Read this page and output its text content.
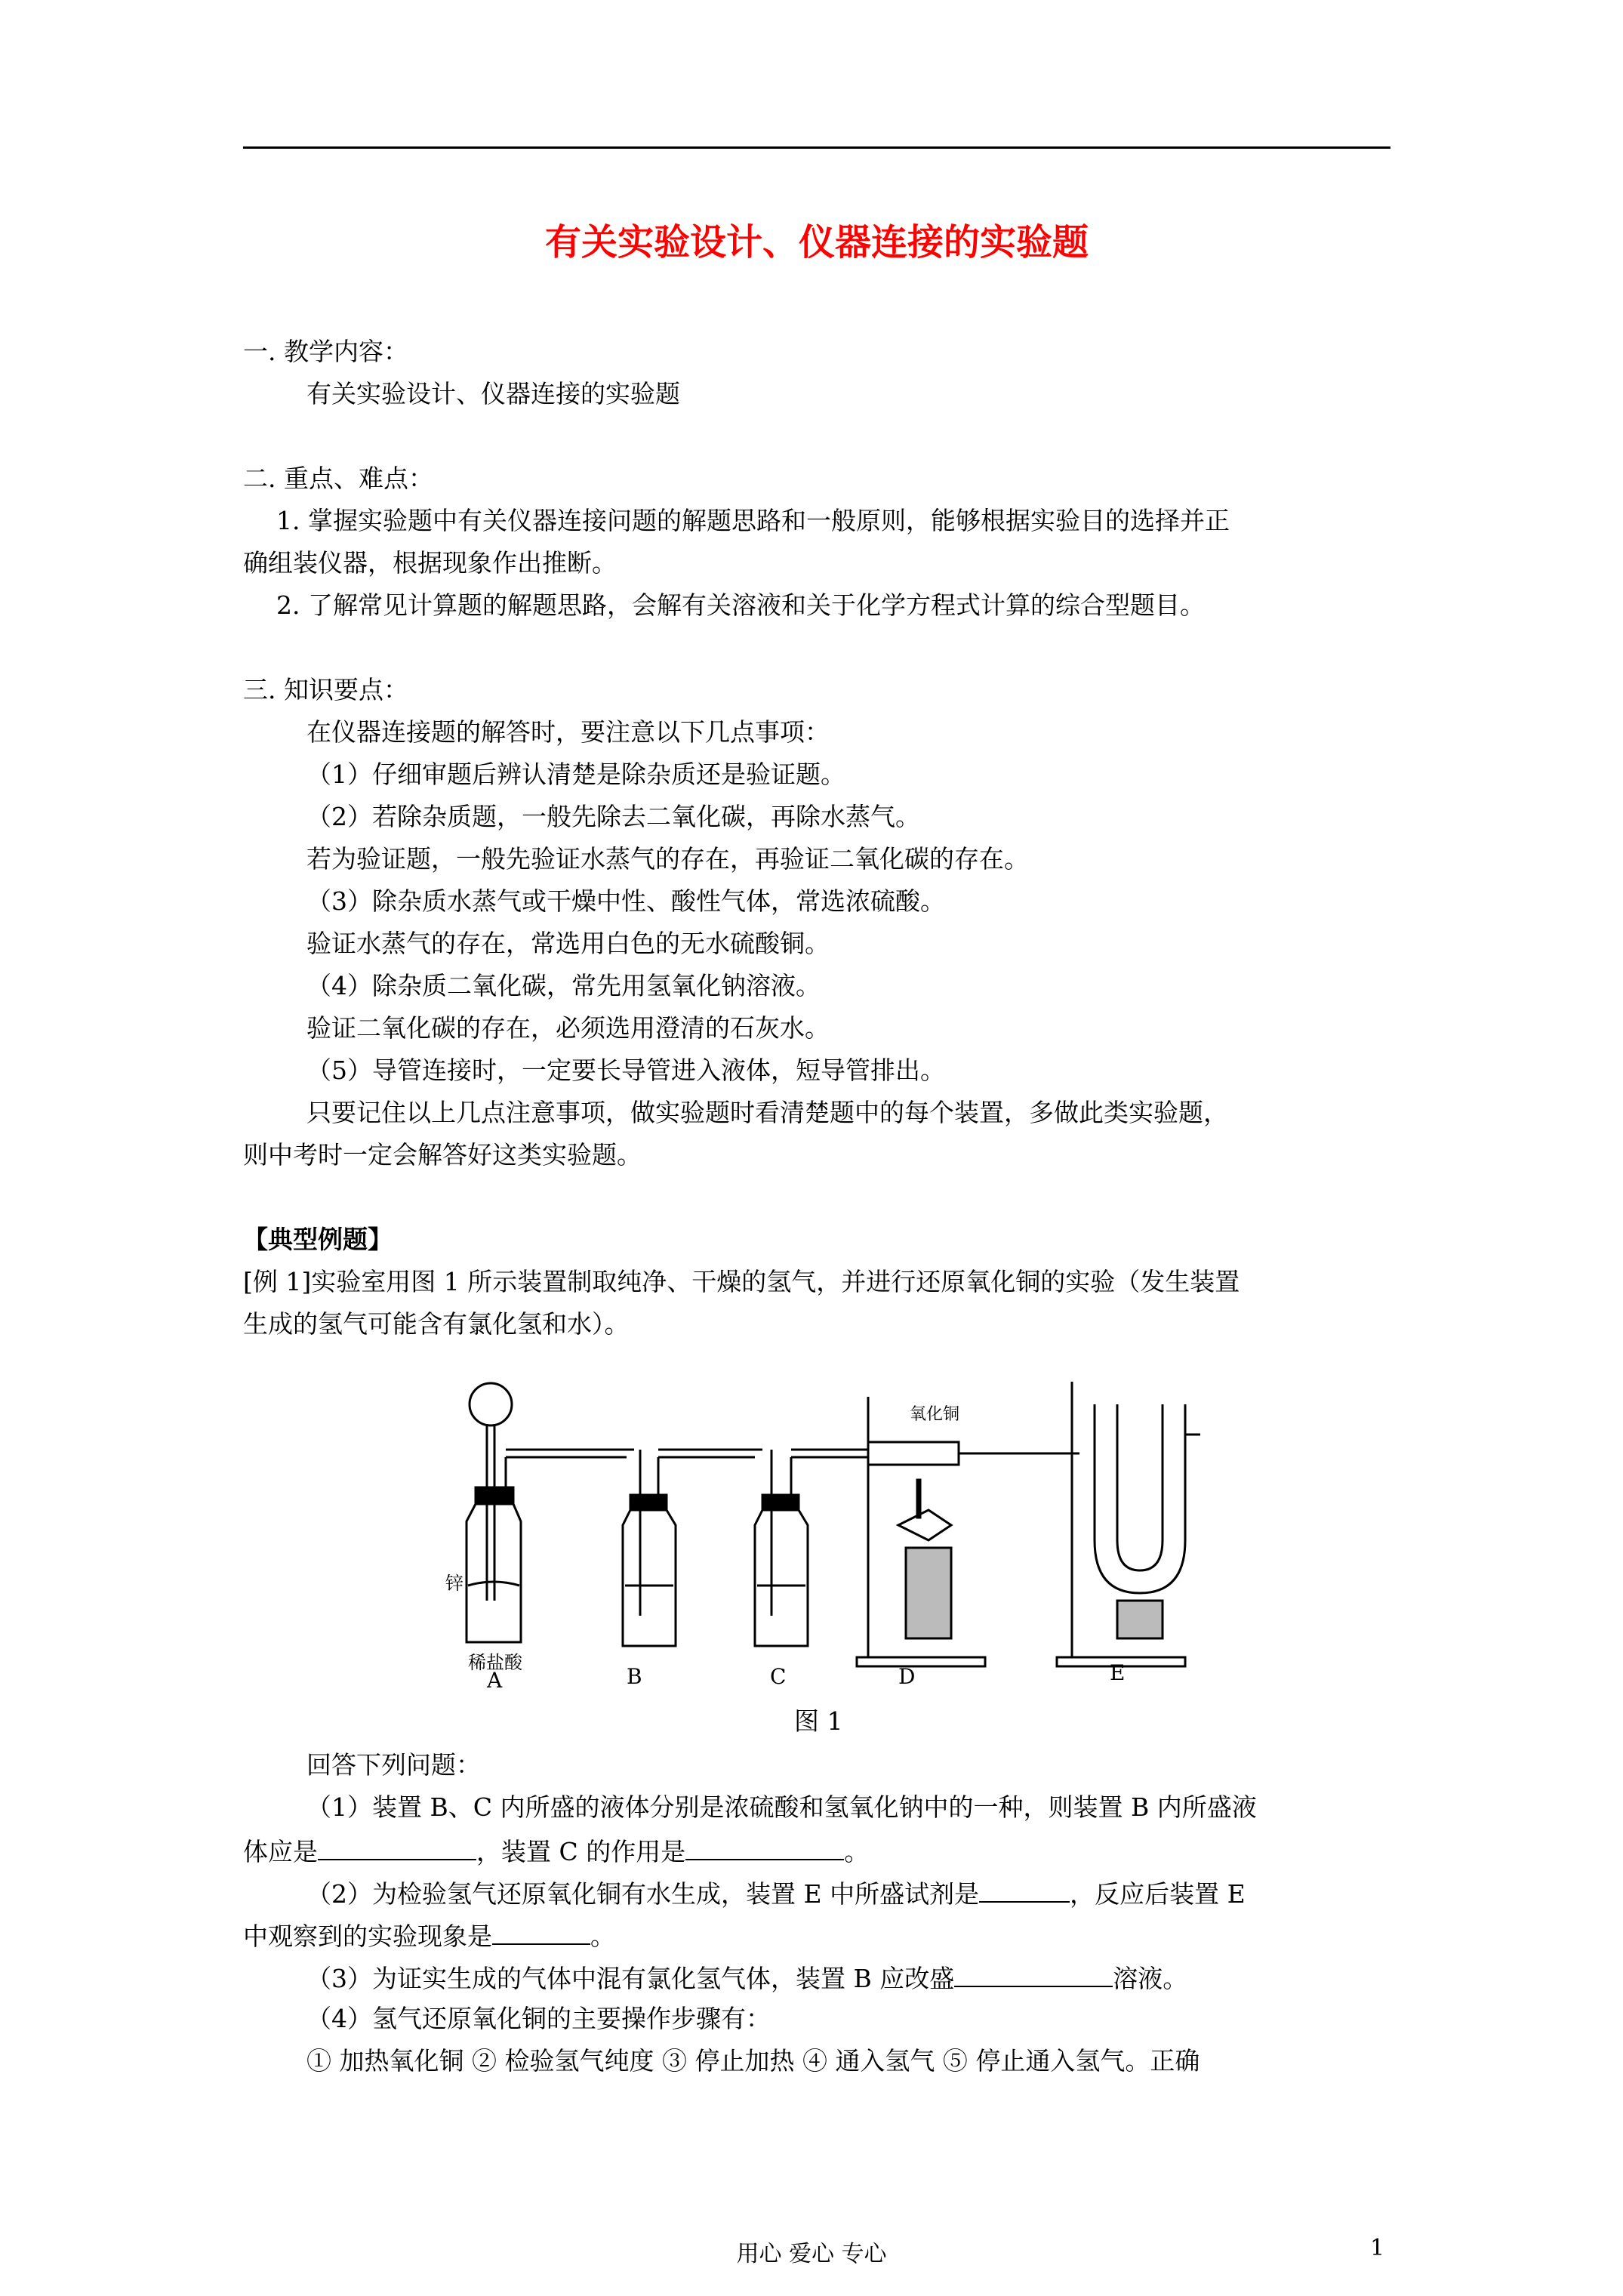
有关实验设计、仪器连接的实验题
一. 教学内容：
有关实验设计、仪器连接的实验题
二. 重点、难点：
1. 掌握实验题中有关仪器连接问题的解题思路和一般原则，能够根据实验目的选择并正
确组装仪器，根据现象作出推断。
2. 了解常见计算题的解题思路，会解有关溶液和关于化学方程式计算的综合型题目。
三. 知识要点：
在仪器连接题的解答时，要注意以下几点事项：
（1）仔细审题后辨认清楚是除杂质还是验证题。
（2）若除杂质题，一般先除去二氧化碳，再除水蒸气。
若为验证题，一般先验证水蒸气的存在，再验证二氧化碳的存在。
（3）除杂质水蒸气或干燥中性、酸性气体，常选浓硫酸。
验证水蒸气的存在，常选用白色的无水硫酸铜。
（4）除杂质二氧化碳，常先用氢氧化钠溶液。
验证二氧化碳的存在，必须选用澄清的石灰水。
（5）导管连接时，一定要长导管进入液体，短导管排出。
只要记住以上几点注意事项，做实验题时看清楚题中的每个装置，多做此类实验题，
则中考时一定会解答好这类实验题。
【典型例题】
[例 1]实验室用图 1 所示装置制取纯净、干燥的氢气，并进行还原氧化铜的实验（发生装置
生成的氢气可能含有氯化氢和水）。
锌
稀盐酸
氧化铜
A	B	C	D	E
图 1
回答下列问题：
（1）装置 B、C 内所盛的液体分别是浓硫酸和氢氧化钠中的一种，则装置 B 内所盛液
体应是	，装置 C 的作用是	。
（2）为检验氢气还原氧化铜有水生成，装置 E 中所盛试剂是	，反应后装置 E
中观察到的实验现象是	。
（3）为证实生成的气体中混有氯化氢气体，装置 B 应改盛	溶液。
（4）氢气还原氧化铜的主要操作步骤有：
① 加热氧化铜 ② 检验氢气纯度 ③ 停止加热 ④ 通入氢气 ⑤ 停止通入氢气。正确
用心 爱心 专心	1
